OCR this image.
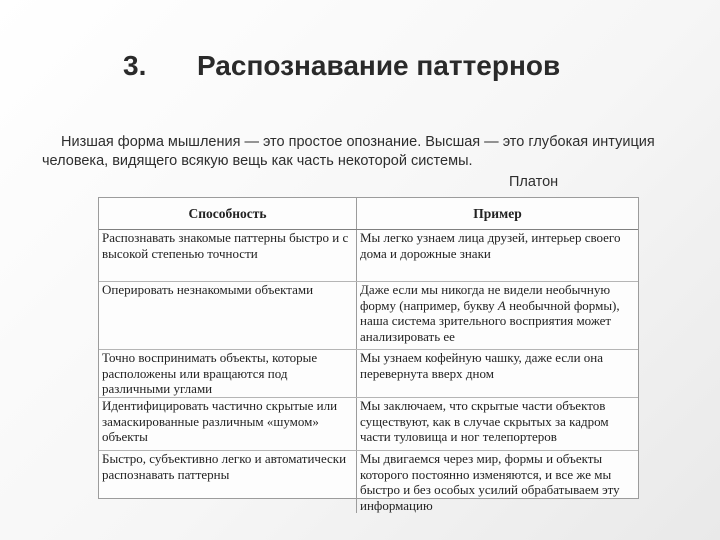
3. Распознавание паттернов
Низшая форма мышления — это простое опознание. Высшая — это глубокая интуиция
человека, видящего всякую вещь как часть некоторой системы.
Платон
Способность	Пример
Распознавать знакомые паттерны быстро и с высокой степенью точности	Мы легко узнаем лица друзей, интерьер своего дома и дорожные знаки
Оперировать незнакомыми объектами	Даже если мы никогда не видели необычную форму (например, букву А необычной формы), наша система зрительного восприятия может анализировать ее
Точно воспринимать объекты, которые расположены или вращаются под различными углами	Мы узнаем кофейную чашку, даже если она перевернута вверх дном
Идентифицировать частично скрытые или замаскированные различным «шумом» объекты	Мы заключаем, что скрытые части объектов существуют, как в случае скрытых за кадром части туловища и ног телепортеров
Быстро, субъективно легко и автоматически распознавать паттерны	Мы двигаемся через мир, формы и объекты которого постоянно изменяются, и все же мы быстро и без особых усилий обрабатываем эту информацию
